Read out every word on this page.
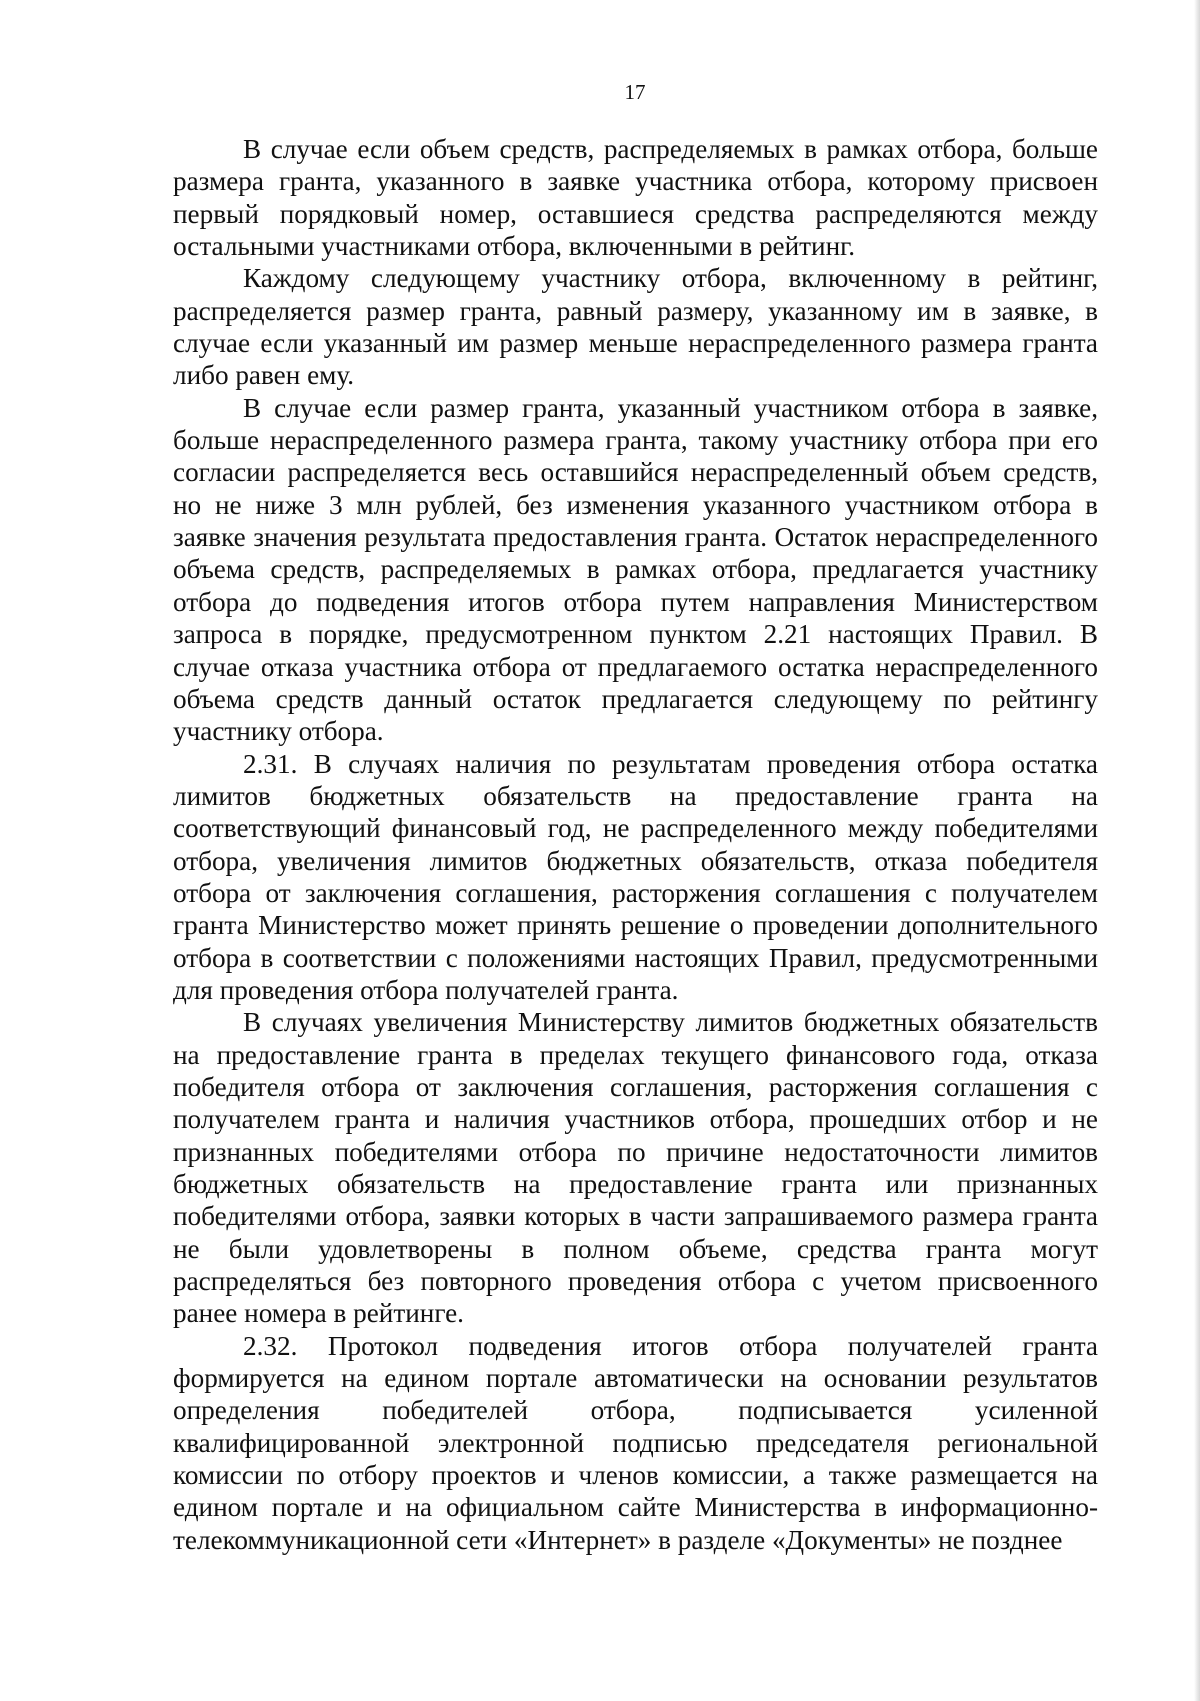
17

В случае если объем средств, распределяемых в рамках отбора, больше размера гранта, указанного в заявке участника отбора, которому присвоен первый порядковый номер, оставшиеся средства распределяются между остальными участниками отбора, включенными в рейтинг.

Каждому следующему участнику отбора, включенному в рейтинг, распределяется размер гранта, равный размеру, указанному им в заявке, в случае если указанный им размер меньше нераспределенного размера гранта либо равен ему.

В случае если размер гранта, указанный участником отбора в заявке, больше нераспределенного размера гранта, такому участнику отбора при его согласии распределяется весь оставшийся нераспределенный объем средств, но не ниже 3 млн рублей, без изменения указанного участником отбора в заявке значения результата предоставления гранта. Остаток нераспределенного объема средств, распределяемых в рамках отбора, предлагается участнику отбора до подведения итогов отбора путем направления Министерством запроса в порядке, предусмотренном пунктом 2.21 настоящих Правил. В случае отказа участника отбора от предлагаемого остатка нераспределенного объема средств данный остаток предлагается следующему по рейтингу участнику отбора.

2.31. В случаях наличия по результатам проведения отбора остатка лимитов бюджетных обязательств на предоставление гранта на соответствующий финансовый год, не распределенного между победителями отбора, увеличения лимитов бюджетных обязательств, отказа победителя отбора от заключения соглашения, расторжения соглашения с получателем гранта Министерство может принять решение о проведении дополнительного отбора в соответствии с положениями настоящих Правил, предусмотренными для проведения отбора получателей гранта.

В случаях увеличения Министерству лимитов бюджетных обязательств на предоставление гранта в пределах текущего финансового года, отказа победителя отбора от заключения соглашения, расторжения соглашения с получателем гранта и наличия участников отбора, прошедших отбор и не признанных победителями отбора по причине недостаточности лимитов бюджетных обязательств на предоставление гранта или признанных победителями отбора, заявки которых в части запрашиваемого размера гранта не были удовлетворены в полном объеме, средства гранта могут распределяться без повторного проведения отбора с учетом присвоенного ранее номера в рейтинге.

2.32. Протокол подведения итогов отбора получателей гранта формируется на едином портале автоматически на основании результатов определения победителей отбора, подписывается усиленной квалифицированной электронной подписью председателя региональной комиссии по отбору проектов и членов комиссии, а также размещается на едином портале и на официальном сайте Министерства в информационно-телекоммуникационной сети «Интернет» в разделе «Документы» не позднее
